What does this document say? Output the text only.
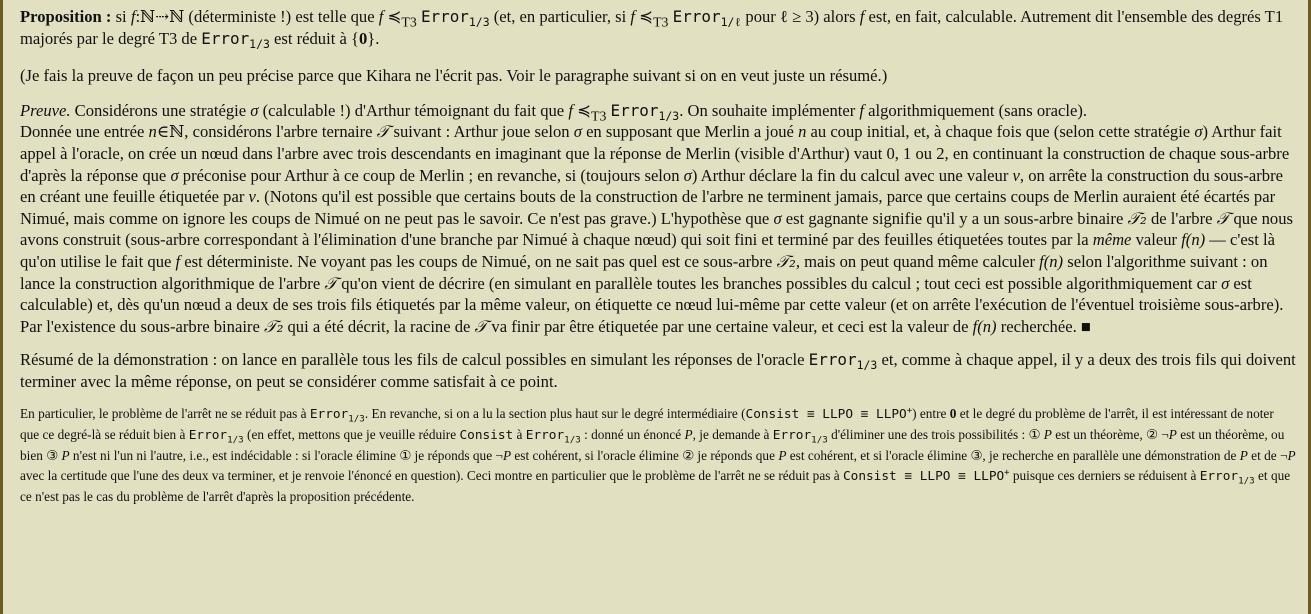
Proposition : si f:ℕ⇢ℕ (déterministe !) est telle que f $≼_{T3}$ Error$_{1/3}$ (et, en particulier, si f $≼_{T3}$ Error$_{1/\ell}$ pour ℓ ≥ 3) alors f est, en fait, calculable. Autrement dit l'ensemble des degrés T1 majorés par le degré T3 de Error$_{1/3}$ est réduit à {0}.

(Je fais la preuve de façon un peu précise parce que Kihara ne l'écrit pas. Voir le paragraphe suivant si on en veut juste un résumé.)

Preuve. Considérons une stratégie σ (calculable !) d'Arthur témoignant du fait que f $≼_{T3}$ Error$_{1/3}$. On souhaite implémenter f algorithmiquement (sans oracle).
Donnée une entrée n∈ℕ, considérons l'arbre ternaire 𝒯 suivant : Arthur joue selon σ en supposant que Merlin a joué n au coup initial, et, à chaque fois que (selon cette stratégie σ) Arthur fait appel à l'oracle, on crée un nœud dans l'arbre avec trois descendants en imaginant que la réponse de Merlin (visible d'Arthur) vaut 0, 1 ou 2, en continuant la construction de chaque sous-arbre d'après la réponse que σ préconise pour Arthur à ce coup de Merlin ; en revanche, si (toujours selon σ) Arthur déclare la fin du calcul avec une valeur v, on arrête la construction du sous-arbre en créant une feuille étiquetée par v. (Notons qu'il est possible que certains bouts de la construction de l'arbre ne terminent jamais, parce que certains coups de Merlin auraient été écartés par Nimué, mais comme on ignore les coups de Nimué on ne peut pas le savoir. Ce n'est pas grave.) L'hypothèse que σ est gagnante signifie qu'il y a un sous-arbre binaire 𝒯₂ de l'arbre 𝒯 que nous avons construit (sous-arbre correspondant à l'élimination d'une branche par Nimué à chaque nœud) qui soit fini et terminé par des feuilles étiquetées toutes par la même valeur f(n) — c'est là qu'on utilise le fait que f est déterministe. Ne voyant pas les coups de Nimué, on ne sait pas quel est ce sous-arbre 𝒯₂, mais on peut quand même calculer f(n) selon l'algorithme suivant : on lance la construction algorithmique de l'arbre 𝒯 qu'on vient de décrire (en simulant en parallèle toutes les branches possibles du calcul ; tout ceci est possible algorithmiquement car σ est calculable) et, dès qu'un nœud a deux de ses trois fils étiquetés par la même valeur, on étiquette ce nœud lui-même par cette valeur (et on arrête l'exécution de l'éventuel troisième sous-arbre). Par l'existence du sous-arbre binaire 𝒯₂ qui a été décrit, la racine de 𝒯 va finir par être étiquetée par une certaine valeur, et ceci est la valeur de f(n) recherchée. ■

Résumé de la démonstration : on lance en parallèle tous les fils de calcul possibles en simulant les réponses de l'oracle Error$_{1/3}$ et, comme à chaque appel, il y a deux des trois fils qui doivent terminer avec la même réponse, on peut se considérer comme satisfait à ce point.

En particulier, le problème de l'arrêt ne se réduit pas à Error$_{1/3}$. En revanche, si on a lu la section plus haut sur le degré intermédiaire (Consist ≡ LLPO ≡ LLPO+) entre 0 et le degré du problème de l'arrêt, il est intéressant de noter que ce degré-là se réduit bien à Error$_{1/3}$ (en effet, mettons que je veuille réduire Consist à Error$_{1/3}$ : donné un énoncé P, je demande à Error$_{1/3}$ d'éliminer une des trois possibilités : ① P est un théorème, ② ¬P est un théorème, ou bien ③ P n'est ni l'un ni l'autre, i.e., est indécidable : si l'oracle élimine ① je réponds que ¬P est cohérent, si l'oracle élimine ② je réponds que P est cohérent, et si l'oracle élimine ③, je recherche en parallèle une démonstration de P et de ¬P avec la certitude que l'une des deux va terminer, et je renvoie l'énoncé en question). Ceci montre en particulier que le problème de l'arrêt ne se réduit pas à Consist ≡ LLPO ≡ LLPO+ puisque ces derniers se réduisent à Error$_{1/3}$ et que ce n'est pas le cas du problème de l'arrêt d'après la proposition précédente.
